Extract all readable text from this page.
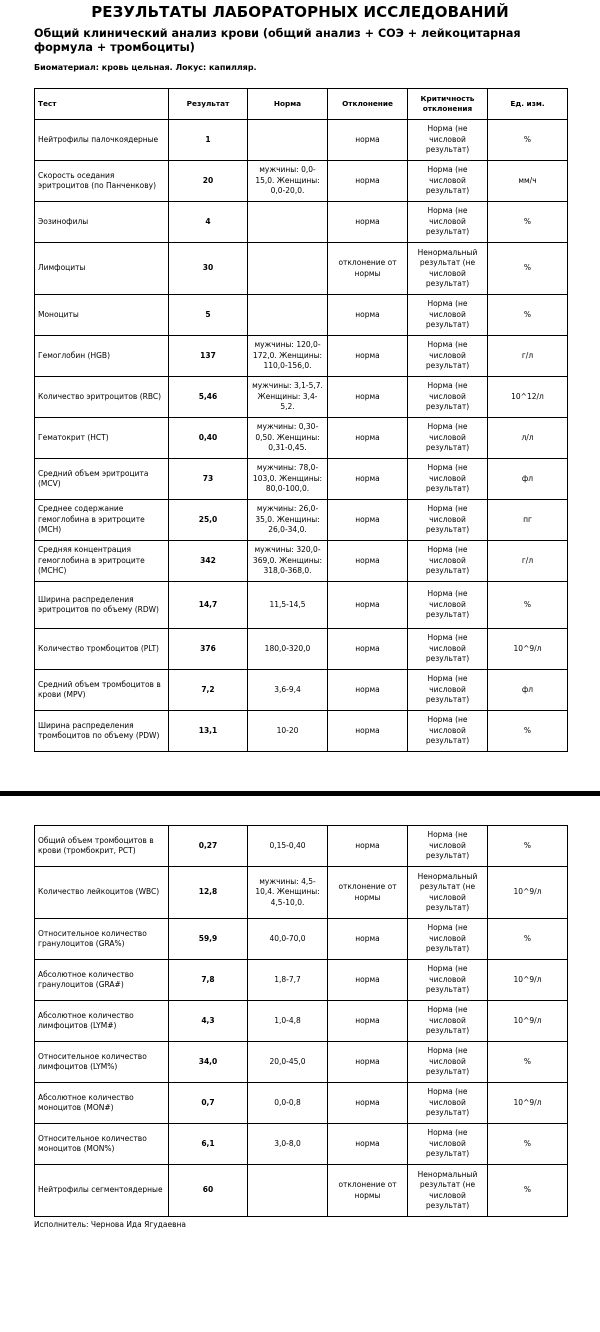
РЕЗУЛЬТАТЫ ЛАБОРАТОРНЫХ ИССЛЕДОВАНИЙ
Общий клинический анализ крови (общий анализ + СОЭ + лейкоцитарная формула + тромбоциты)
Биоматериал: кровь цельная. Локус: капилляр.
Тест	Результат	Норма	Отклонение	Критичность отклонения	Ед. изм.
Нейтрофилы палочкоядерные	1		норма	Норма (не числовой результат)	%
Скорость оседания эритроцитов (по Панченкову)	20	мужчины: 0,0-15,0. Женщины: 0,0-20,0.	норма	Норма (не числовой результат)	мм/ч
Эозинофилы	4		норма	Норма (не числовой результат)	%
Лимфоциты	30		отклонение от нормы	Ненормальный результат (не числовой результат)	%
Моноциты	5		норма	Норма (не числовой результат)	%
Гемоглобин (HGB)	137	мужчины: 120,0-172,0. Женщины: 110,0-156,0.	норма	Норма (не числовой результат)	г/л
Количество эритроцитов (RBC)	5,46	мужчины: 3,1-5,7. Женщины: 3,4-5,2.	норма	Норма (не числовой результат)	10^12/л
Гематокрит (HCT)	0,40	мужчины: 0,30-0,50. Женщины: 0,31-0,45.	норма	Норма (не числовой результат)	л/л
Средний объем эритроцита (MCV)	73	мужчины: 78,0-103,0. Женщины: 80,0-100,0.	норма	Норма (не числовой результат)	фл
Среднее содержание гемоглобина в эритроците (MCH)	25,0	мужчины: 26,0-35,0. Женщины: 26,0-34,0.	норма	Норма (не числовой результат)	пг
Средняя концентрация гемоглобина в эритроците (MCHC)	342	мужчины: 320,0-369,0. Женщины: 318,0-368,0.	норма	Норма (не числовой результат)	г/л
Ширина распределения эритроцитов по объему (RDW)	14,7	11,5-14,5	норма	Норма (не числовой результат)	%
Количество тромбоцитов (PLT)	376	180,0-320,0	норма	Норма (не числовой результат)	10^9/л
Средний объем тромбоцитов в крови (MPV)	7,2	3,6-9,4	норма	Норма (не числовой результат)	фл
Ширина распределения тромбоцитов по объему (PDW)	13,1	10-20	норма	Норма (не числовой результат)	%
Общий объем тромбоцитов в крови (тромбокрит, PCT)	0,27	0,15-0,40	норма	Норма (не числовой результат)	%
Количество лейкоцитов (WBC)	12,8	мужчины: 4,5-10,4. Женщины: 4,5-10,0.	отклонение от нормы	Ненормальный результат (не числовой результат)	10^9/л
Относительное количество гранулоцитов (GRA%)	59,9	40,0-70,0	норма	Норма (не числовой результат)	%
Абсолютное количество гранулоцитов (GRA#)	7,8	1,8-7,7	норма	Норма (не числовой результат)	10^9/л
Абсолютное количество лимфоцитов (LYM#)	4,3	1,0-4,8	норма	Норма (не числовой результат)	10^9/л
Относительное количество лимфоцитов (LYM%)	34,0	20,0-45,0	норма	Норма (не числовой результат)	%
Абсолютное количество моноцитов (MON#)	0,7	0,0-0,8	норма	Норма (не числовой результат)	10^9/л
Относительное количество моноцитов (MON%)	6,1	3,0-8,0	норма	Норма (не числовой результат)	%
Нейтрофилы сегментоядерные	60		отклонение от нормы	Ненормальный результат (не числовой результат)	%
Исполнитель: Чернова Ида Ягудаевна
